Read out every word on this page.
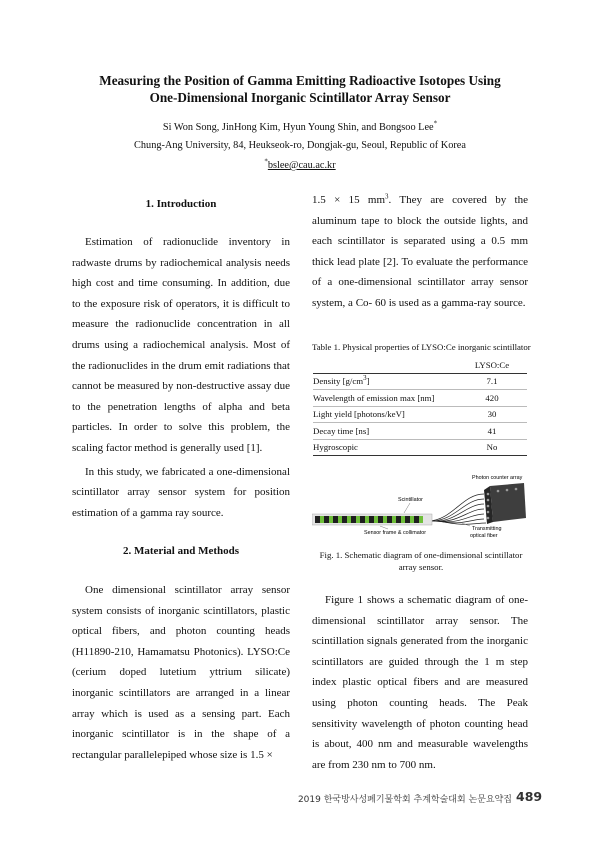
Measuring the Position of Gamma Emitting Radioactive Isotopes Using
One-Dimensional Inorganic Scintillator Array Sensor
Si Won Song, JinHong Kim, Hyun Young Shin, and Bongsoo Lee*
Chung-Ang University, 84, Heukseok-ro, Dongjak-gu, Seoul, Republic of Korea
*bslee@cau.ac.kr
1. Introduction

Estimation of radionuclide inventory in radwaste drums by radiochemical analysis needs high cost and time consuming. In addition, due to the exposure risk of operators, it is difficult to measure the radionuclide concentration in all drums using a radiochemical analysis. Most of the radionuclides in the drum emit radiations that cannot be measured by non-destructive assay due to the penetration lengths of alpha and beta particles. In order to solve this problem, the scaling factor method is generally used [1].

In this study, we fabricated a one-dimensional scintillator array sensor system for position estimation of a gamma ray source.

2. Material and Methods

One dimensional scintillator array sensor system consists of inorganic scintillators, plastic optical fibers, and photon counting heads (H11890-210, Hamamatsu Photonics). LYSO:Ce (cerium doped lutetium yttrium silicate) inorganic scintillators are arranged in a linear array which is used as a sensing part. Each inorganic scintillator is in the shape of a rectangular parallelepiped whose size is 1.5 ×

1.5 × 15 $mm^3$. They are covered by the aluminum tape to block the outside lights, and each scintillator is separated using a 0.5 mm thick lead plate [2]. To evaluate the performance of a one-dimensional scintillator array sensor system, a Co- 60 is used as a gamma-ray source.

Table 1. Physical properties of LYSO:Ce inorganic scintillator
	LYSO:Ce
Density $[g/cm^3]$	7.1
Wavelength of emission max [nm]	420
Light yield [photons/keV]	30
Decay time [ns]	41
Hygroscopic	No
Photon counter array
Scintillator
Sensor frame & collimator
Transmitting
optical fiber
Fig. 1. Schematic diagram of one-dimensional scintillator
array sensor.

Figure 1 shows a schematic diagram of one-dimensional scintillator array sensor. The scintillation signals generated from the inorganic scintillators are guided through the 1 m step index plastic optical fibers and are measured using photon counting heads. The Peak sensitivity wavelength of photon counting head is about, 400 nm and measurable wavelengths are from 230 nm to 700 nm.

2019 한국방사성폐기물학회 추계학술대회 논문요약집 489
